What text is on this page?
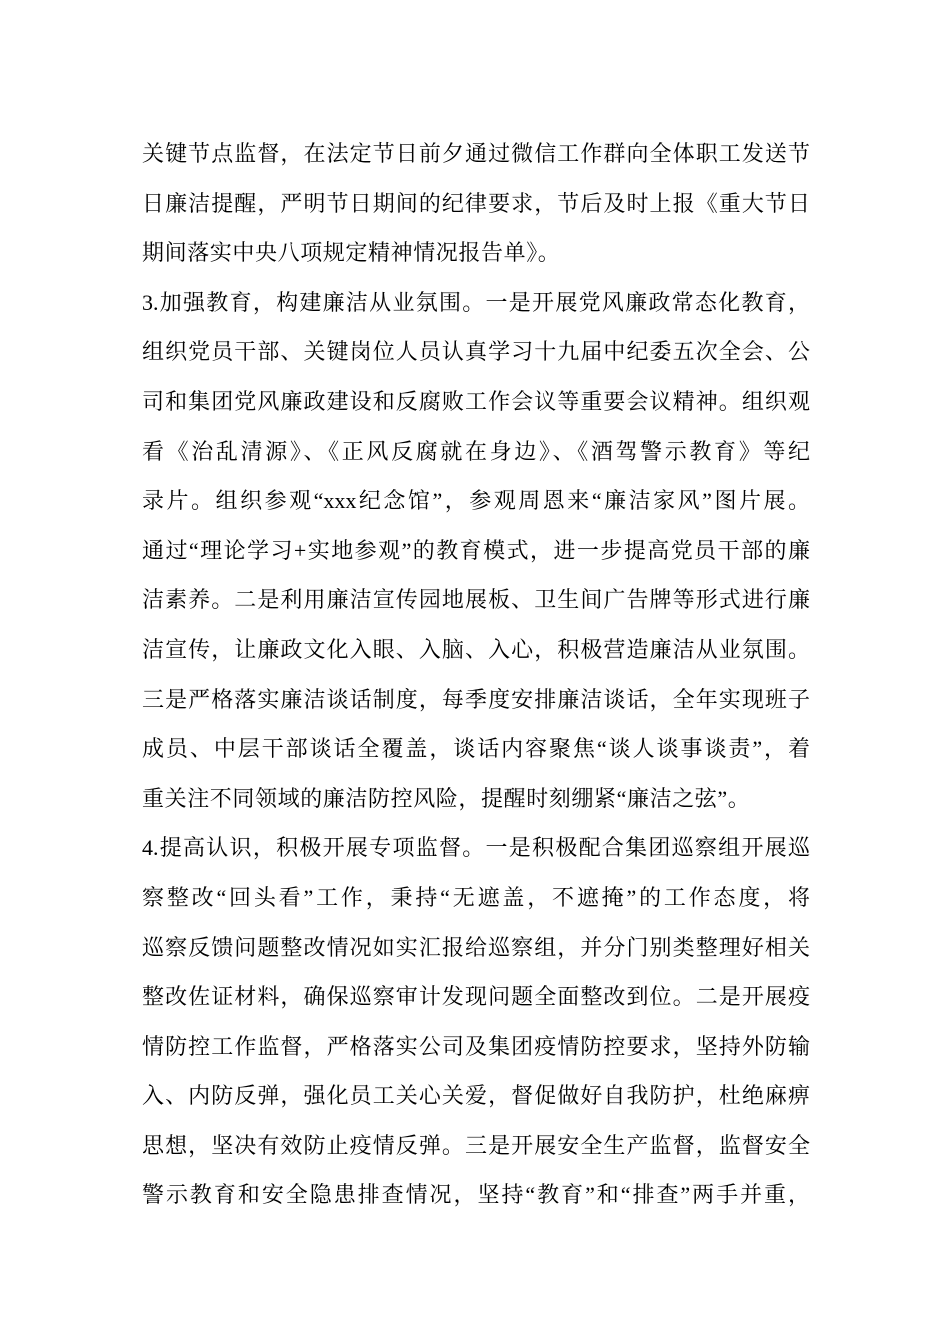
关键节点监督，在法定节日前夕通过微信工作群向全体职工发送节
日廉洁提醒，严明节日期间的纪律要求，节后及时上报《重大节日
期间落实中央八项规定精神情况报告单》。
3.加强教育，构建廉洁从业氛围。一是开展党风廉政常态化教育，
组织党员干部、关键岗位人员认真学习十九届中纪委五次全会、公
司和集团党风廉政建设和反腐败工作会议等重要会议精神。组织观
看《治乱清源》、《正风反腐就在身边》、《酒驾警示教育》等纪
录片。组织参观“xxx纪念馆”，参观周恩来“廉洁家风”图片展。
通过“理论学习+实地参观”的教育模式，进一步提高党员干部的廉
洁素养。二是利用廉洁宣传园地展板、卫生间广告牌等形式进行廉
洁宣传，让廉政文化入眼、入脑、入心，积极营造廉洁从业氛围。
三是严格落实廉洁谈话制度，每季度安排廉洁谈话，全年实现班子
成员、中层干部谈话全覆盖，谈话内容聚焦“谈人谈事谈责”，着
重关注不同领域的廉洁防控风险，提醒时刻绷紧“廉洁之弦”。
4.提高认识，积极开展专项监督。一是积极配合集团巡察组开展巡
察整改“回头看”工作，秉持“无遮盖，不遮掩”的工作态度，将
巡察反馈问题整改情况如实汇报给巡察组，并分门别类整理好相关
整改佐证材料，确保巡察审计发现问题全面整改到位。二是开展疫
情防控工作监督，严格落实公司及集团疫情防控要求，坚持外防输
入、内防反弹，强化员工关心关爱，督促做好自我防护，杜绝麻痹
思想，坚决有效防止疫情反弹。三是开展安全生产监督，监督安全
警示教育和安全隐患排查情况，坚持“教育”和“排查”两手并重，
